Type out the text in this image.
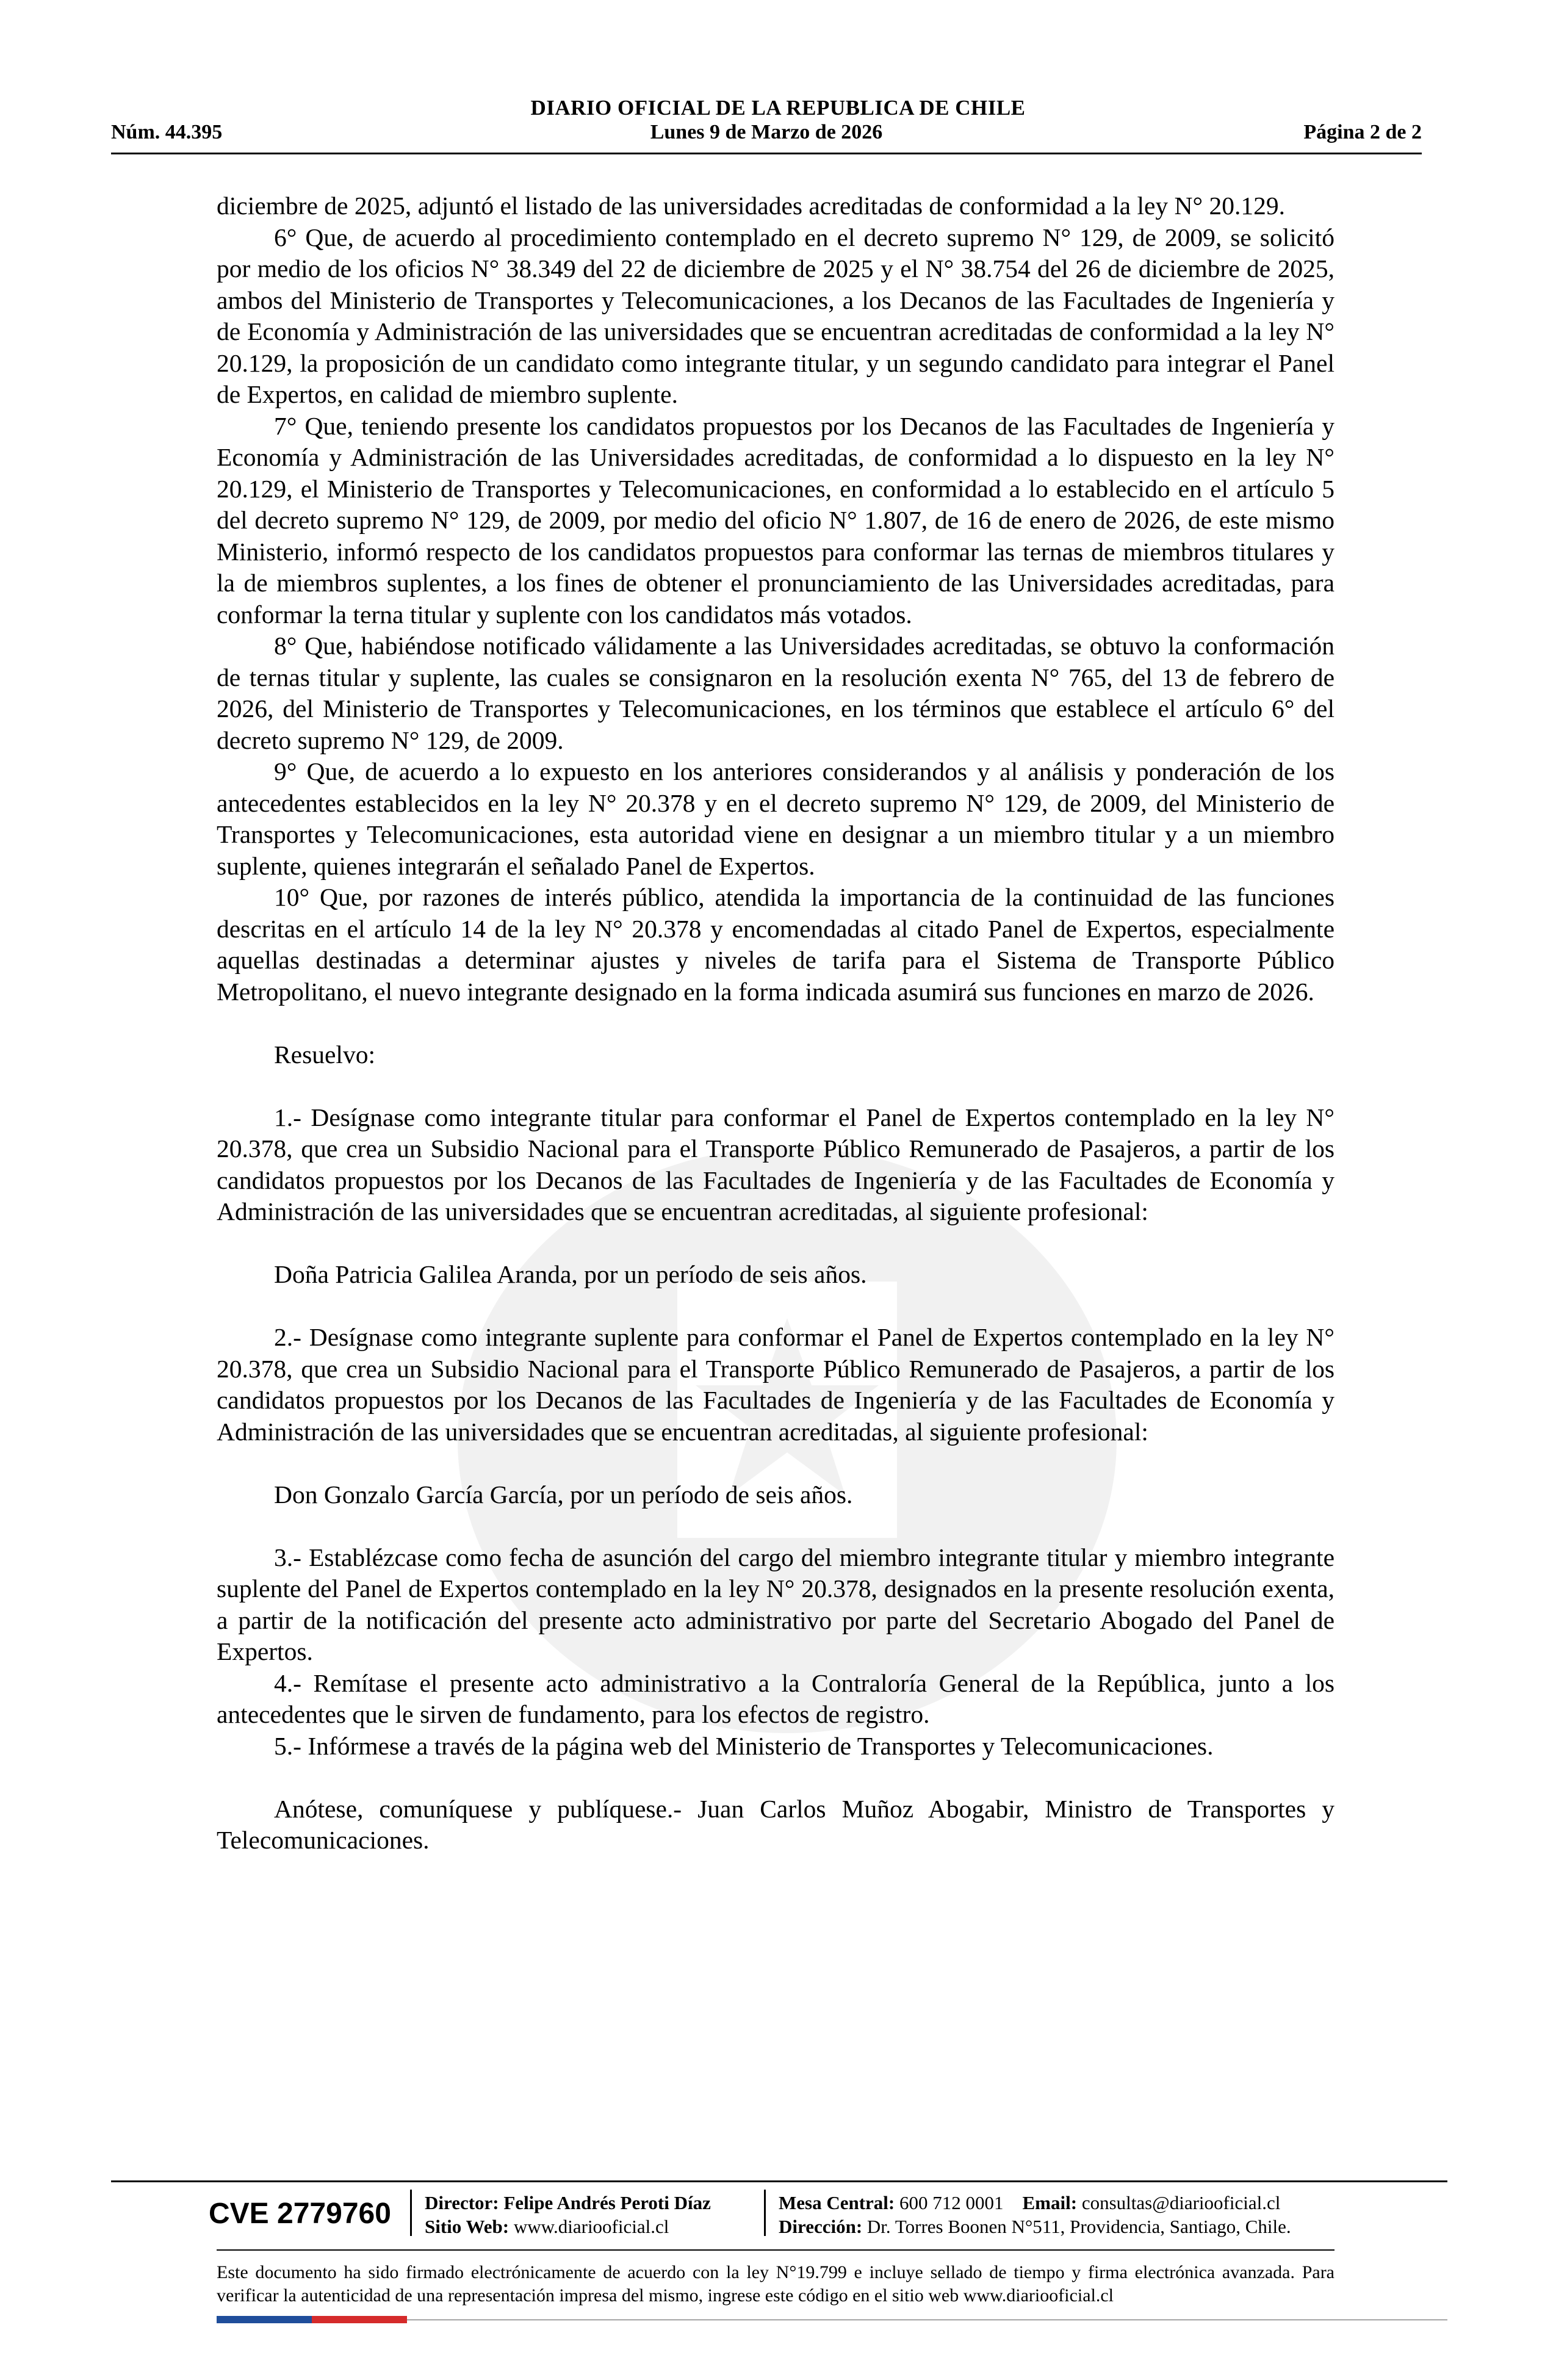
DIARIO OFICIAL DE LA REPUBLICA DE CHILE
Núm. 44.395	Lunes 9 de Marzo de 2026	Página 2 de 2

diciembre de 2025, adjuntó el listado de las universidades acreditadas de conformidad a la ley N° 20.129.

6° Que, de acuerdo al procedimiento contemplado en el decreto supremo N° 129, de 2009, se solicitó por medio de los oficios N° 38.349 del 22 de diciembre de 2025 y el N° 38.754 del 26 de diciembre de 2025, ambos del Ministerio de Transportes y Telecomunicaciones, a los Decanos de las Facultades de Ingeniería y de Economía y Administración de las universidades que se encuentran acreditadas de conformidad a la ley N° 20.129, la proposición de un candidato como integrante titular, y un segundo candidato para integrar el Panel de Expertos, en calidad de miembro suplente.

7° Que, teniendo presente los candidatos propuestos por los Decanos de las Facultades de Ingeniería y Economía y Administración de las Universidades acreditadas, de conformidad a lo dispuesto en la ley N° 20.129, el Ministerio de Transportes y Telecomunicaciones, en conformidad a lo establecido en el artículo 5 del decreto supremo N° 129, de 2009, por medio del oficio N° 1.807, de 16 de enero de 2026, de este mismo Ministerio, informó respecto de los candidatos propuestos para conformar las ternas de miembros titulares y la de miembros suplentes, a los fines de obtener el pronunciamiento de las Universidades acreditadas, para conformar la terna titular y suplente con los candidatos más votados.

8° Que, habiéndose notificado válidamente a las Universidades acreditadas, se obtuvo la conformación de ternas titular y suplente, las cuales se consignaron en la resolución exenta N° 765, del 13 de febrero de 2026, del Ministerio de Transportes y Telecomunicaciones, en los términos que establece el artículo 6° del decreto supremo N° 129, de 2009.

9° Que, de acuerdo a lo expuesto en los anteriores considerandos y al análisis y ponderación de los antecedentes establecidos en la ley N° 20.378 y en el decreto supremo N° 129, de 2009, del Ministerio de Transportes y Telecomunicaciones, esta autoridad viene en designar a un miembro titular y a un miembro suplente, quienes integrarán el señalado Panel de Expertos.

10° Que, por razones de interés público, atendida la importancia de la continuidad de las funciones descritas en el artículo 14 de la ley N° 20.378 y encomendadas al citado Panel de Expertos, especialmente aquellas destinadas a determinar ajustes y niveles de tarifa para el Sistema de Transporte Público Metropolitano, el nuevo integrante designado en la forma indicada asumirá sus funciones en marzo de 2026.

Resuelvo:

1.- Desígnase como integrante titular para conformar el Panel de Expertos contemplado en la ley N° 20.378, que crea un Subsidio Nacional para el Transporte Público Remunerado de Pasajeros, a partir de los candidatos propuestos por los Decanos de las Facultades de Ingeniería y de las Facultades de Economía y Administración de las universidades que se encuentran acreditadas, al siguiente profesional:

Doña Patricia Galilea Aranda, por un período de seis años.

2.- Desígnase como integrante suplente para conformar el Panel de Expertos contemplado en la ley N° 20.378, que crea un Subsidio Nacional para el Transporte Público Remunerado de Pasajeros, a partir de los candidatos propuestos por los Decanos de las Facultades de Ingeniería y de las Facultades de Economía y Administración de las universidades que se encuentran acreditadas, al siguiente profesional:

Don Gonzalo García García, por un período de seis años.

3.- Establézcase como fecha de asunción del cargo del miembro integrante titular y miembro integrante suplente del Panel de Expertos contemplado en la ley N° 20.378, designados en la presente resolución exenta, a partir de la notificación del presente acto administrativo por parte del Secretario Abogado del Panel de Expertos.

4.- Remítase el presente acto administrativo a la Contraloría General de la República, junto a los antecedentes que le sirven de fundamento, para los efectos de registro.

5.- Infórmese a través de la página web del Ministerio de Transportes y Telecomunicaciones.

Anótese, comuníquese y publíquese.- Juan Carlos Muñoz Abogabir, Ministro de Transportes y Telecomunicaciones.

CVE 2779760 Director: Felipe Andrés Peroti Díaz
Sitio Web: www.diariooficial.cl
Mesa Central: 600 712 0001 Email: consultas@diariooficial.cl
Dirección: Dr. Torres Boonen N°511, Providencia, Santiago, Chile.
Este documento ha sido firmado electrónicamente de acuerdo con la ley N°19.799 e incluye sellado de tiempo y firma electrónica avanzada. Para verificar la autenticidad de una representación impresa del mismo, ingrese este código en el sitio web www.diariooficial.cl
